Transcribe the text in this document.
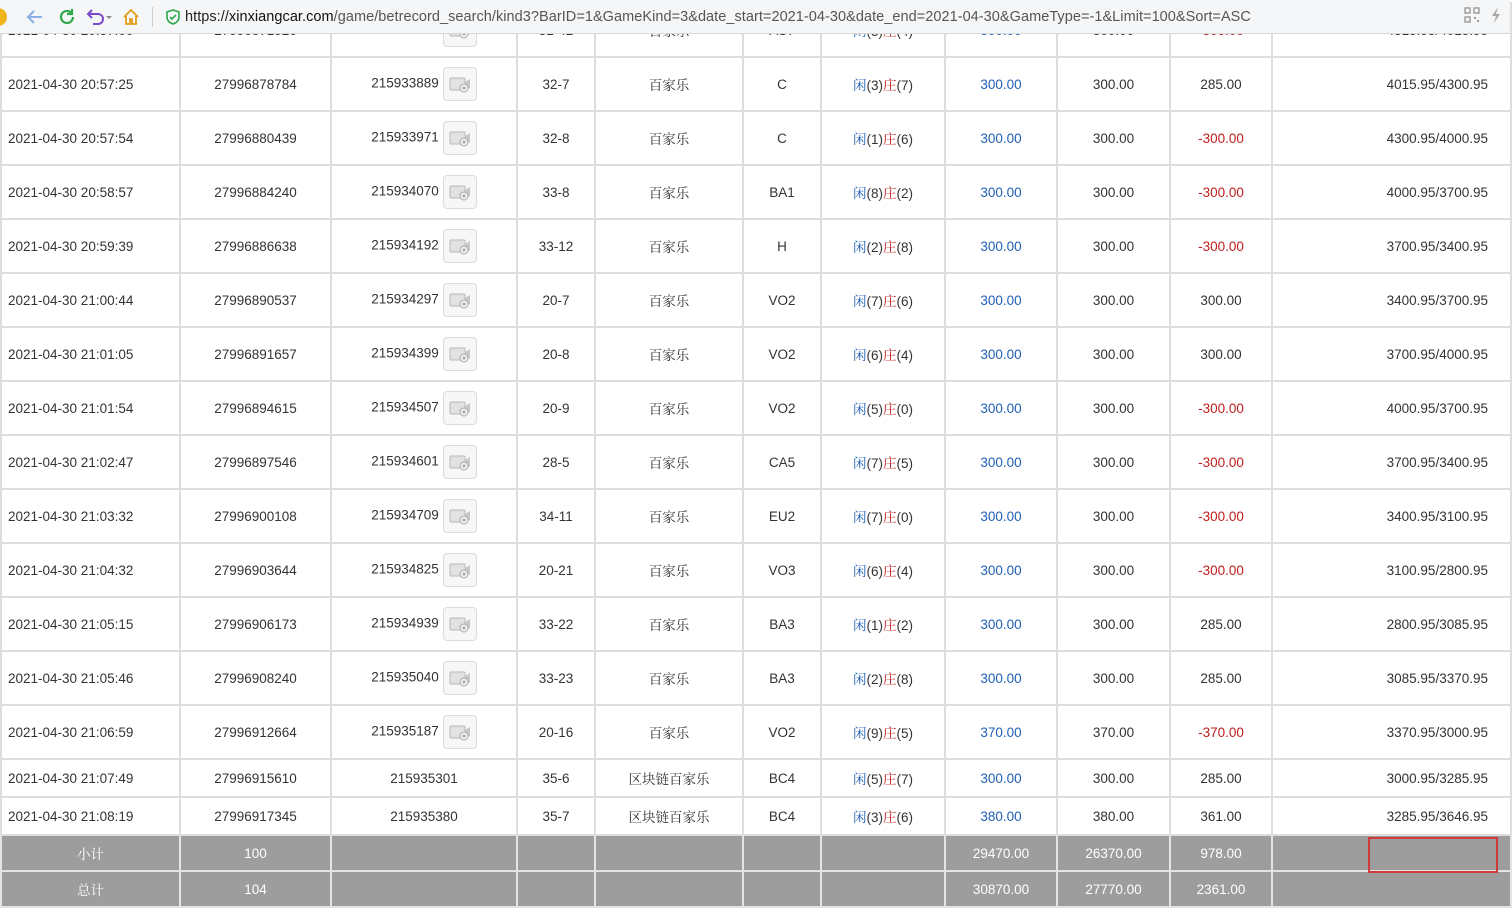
https://xinxiangcar.com/game/betrecord_search/kind3?BarID=1&GameKind=3&date_start=2021-04-30&date_end=2021-04-30&GameType=-1&Limit=100&Sort=ASC

2021-04-30 20:57:25	27996878784	215933889	32-7	百家乐	C	闲(3)庄(7)	300.00	300.00	285.00	4015.95/4300.95
2021-04-30 20:57:54	27996880439	215933971	32-8	百家乐	C	闲(1)庄(6)	300.00	300.00	-300.00	4300.95/4000.95
2021-04-30 20:58:57	27996884240	215934070	33-8	百家乐	BA1	闲(8)庄(2)	300.00	300.00	-300.00	4000.95/3700.95
2021-04-30 20:59:39	27996886638	215934192	33-12	百家乐	H	闲(2)庄(8)	300.00	300.00	-300.00	3700.95/3400.95
2021-04-30 21:00:44	27996890537	215934297	20-7	百家乐	VO2	闲(7)庄(6)	300.00	300.00	300.00	3400.95/3700.95
2021-04-30 21:01:05	27996891657	215934399	20-8	百家乐	VO2	闲(6)庄(4)	300.00	300.00	300.00	3700.95/4000.95
2021-04-30 21:01:54	27996894615	215934507	20-9	百家乐	VO2	闲(5)庄(0)	300.00	300.00	-300.00	4000.95/3700.95
2021-04-30 21:02:47	27996897546	215934601	28-5	百家乐	CA5	闲(7)庄(5)	300.00	300.00	-300.00	3700.95/3400.95
2021-04-30 21:03:32	27996900108	215934709	34-11	百家乐	EU2	闲(7)庄(0)	300.00	300.00	-300.00	3400.95/3100.95
2021-04-30 21:04:32	27996903644	215934825	20-21	百家乐	VO3	闲(6)庄(4)	300.00	300.00	-300.00	3100.95/2800.95
2021-04-30 21:05:15	27996906173	215934939	33-22	百家乐	BA3	闲(1)庄(2)	300.00	300.00	285.00	2800.95/3085.95
2021-04-30 21:05:46	27996908240	215935040	33-23	百家乐	BA3	闲(2)庄(8)	300.00	300.00	285.00	3085.95/3370.95
2021-04-30 21:06:59	27996912664	215935187	20-16	百家乐	VO2	闲(9)庄(5)	370.00	370.00	-370.00	3370.95/3000.95
2021-04-30 21:07:49	27996915610	215935301	35-6	区块链百家乐	BC4	闲(5)庄(7)	300.00	300.00	285.00	3000.95/3285.95
2021-04-30 21:08:19	27996917345	215935380	35-7	区块链百家乐	BC4	闲(3)庄(6)	380.00	380.00	361.00	3285.95/3646.95
小计	100						29470.00	26370.00	978.00	
总计	104						30870.00	27770.00	2361.00	
